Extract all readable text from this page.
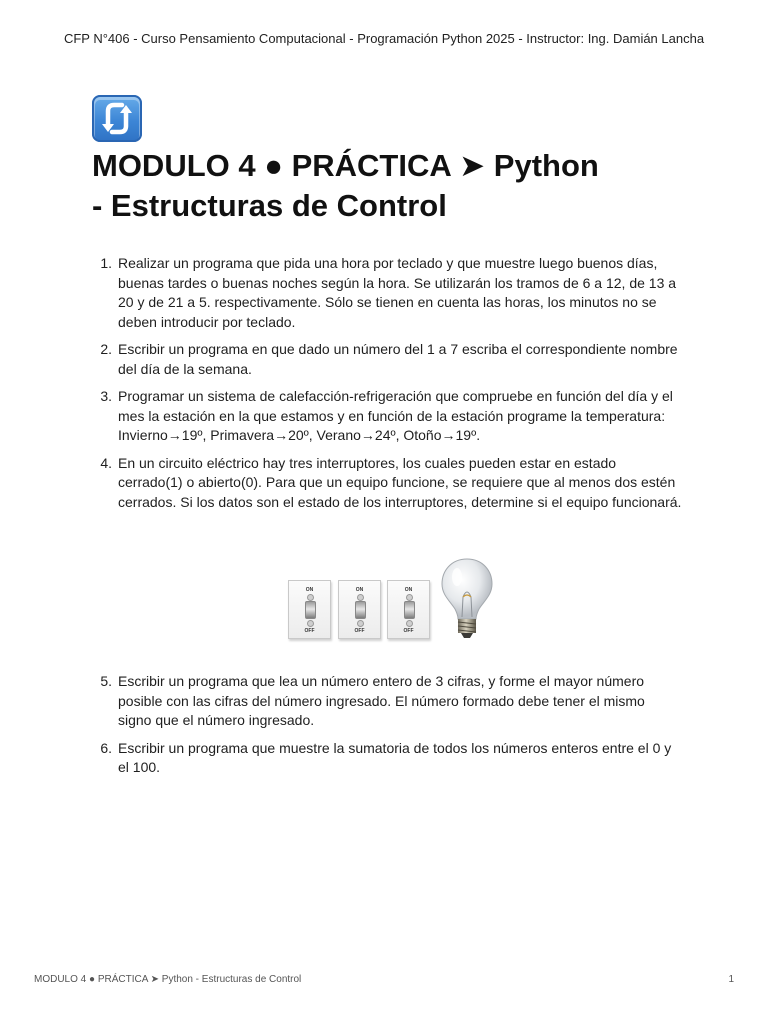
CFP N°406 - Curso Pensamiento Computacional - Programación Python 2025 - Instructor: Ing. Damián Lancha
MODULO 4 ● PRÁCTICA ➤ Python
- Estructuras de Control
1. Realizar un programa que pida una hora por teclado y que muestre luego buenos días, buenas tardes o buenas noches según la hora. Se utilizarán los tramos de 6 a 12, de 13 a 20 y de 21 a 5. respectivamente. Sólo se tienen en cuenta las horas, los minutos no se deben introducir por teclado.
2. Escribir un programa en que dado un número del 1 a 7 escriba el correspondiente nombre del día de la semana.
3. Programar un sistema de calefacción-refrigeración que compruebe en función del día y el mes la estación en la que estamos y en función de la estación programe la temperatura: Invierno→19º, Primavera→20º, Verano→24º, Otoño→19º.
4. En un circuito eléctrico hay tres interruptores, los cuales pueden estar en estado cerrado(1) o abierto(0). Para que un equipo funcione, se requiere que al menos dos estén cerrados. Si los datos son el estado de los interruptores, determine si el equipo funcionará.
ON
OFF
ON
OFF
ON
OFF
5. Escribir un programa que lea un número entero de 3 cifras, y forme el mayor número posible con las cifras del número ingresado. El número formado debe tener el mismo signo que el número ingresado.
6. Escribir un programa que muestre la sumatoria de todos los números enteros entre el 0 y el 100.
MODULO 4 ● PRÁCTICA ➤ Python - Estructuras de Control	1
